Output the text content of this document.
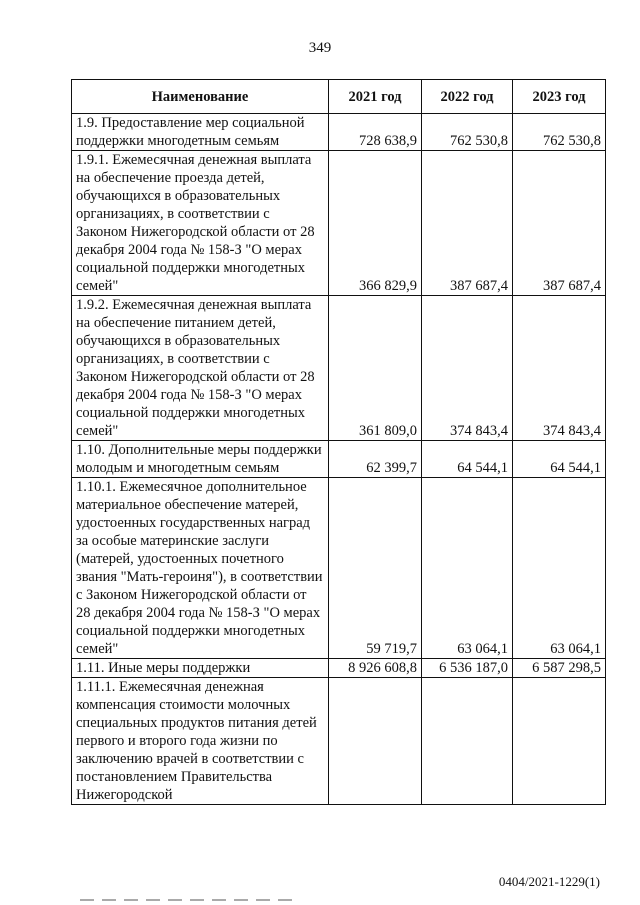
349
Наименование	2021 год	2022 год	2023 год
1.9. Предоставление мер социальной поддержки многодетным семьям	728 638,9	762 530,8	762 530,8
1.9.1. Ежемесячная денежная выплата на обеспечение проезда детей, обучающихся в образовательных организациях, в соответствии с Законом Нижегородской области от 28 декабря 2004 года № 158-З "О мерах социальной поддержки многодетных семей"	366 829,9	387 687,4	387 687,4
1.9.2. Ежемесячная денежная выплата на обеспечение питанием детей, обучающихся в образовательных организациях, в соответствии с Законом Нижегородской области от 28 декабря 2004 года № 158-З "О мерах социальной поддержки многодетных семей"	361 809,0	374 843,4	374 843,4
1.10. Дополнительные меры поддержки молодым и многодетным семьям	62 399,7	64 544,1	64 544,1
1.10.1. Ежемесячное дополнительное материальное обеспечение матерей, удостоенных государственных наград за особые материнские заслуги (матерей, удостоенных почетного звания "Мать-героиня"), в соответствии с Законом Нижегородской области от 28 декабря 2004 года № 158-З "О мерах социальной поддержки многодетных семей"	59 719,7	63 064,1	63 064,1
1.11. Иные меры поддержки	8 926 608,8	6 536 187,0	6 587 298,5
1.11.1. Ежемесячная денежная компенсация стоимости молочных специальных продуктов питания детей первого и второго года жизни по заключению врачей в соответствии с постановлением Правительства Нижегородской			
0404/2021-1229(1)
